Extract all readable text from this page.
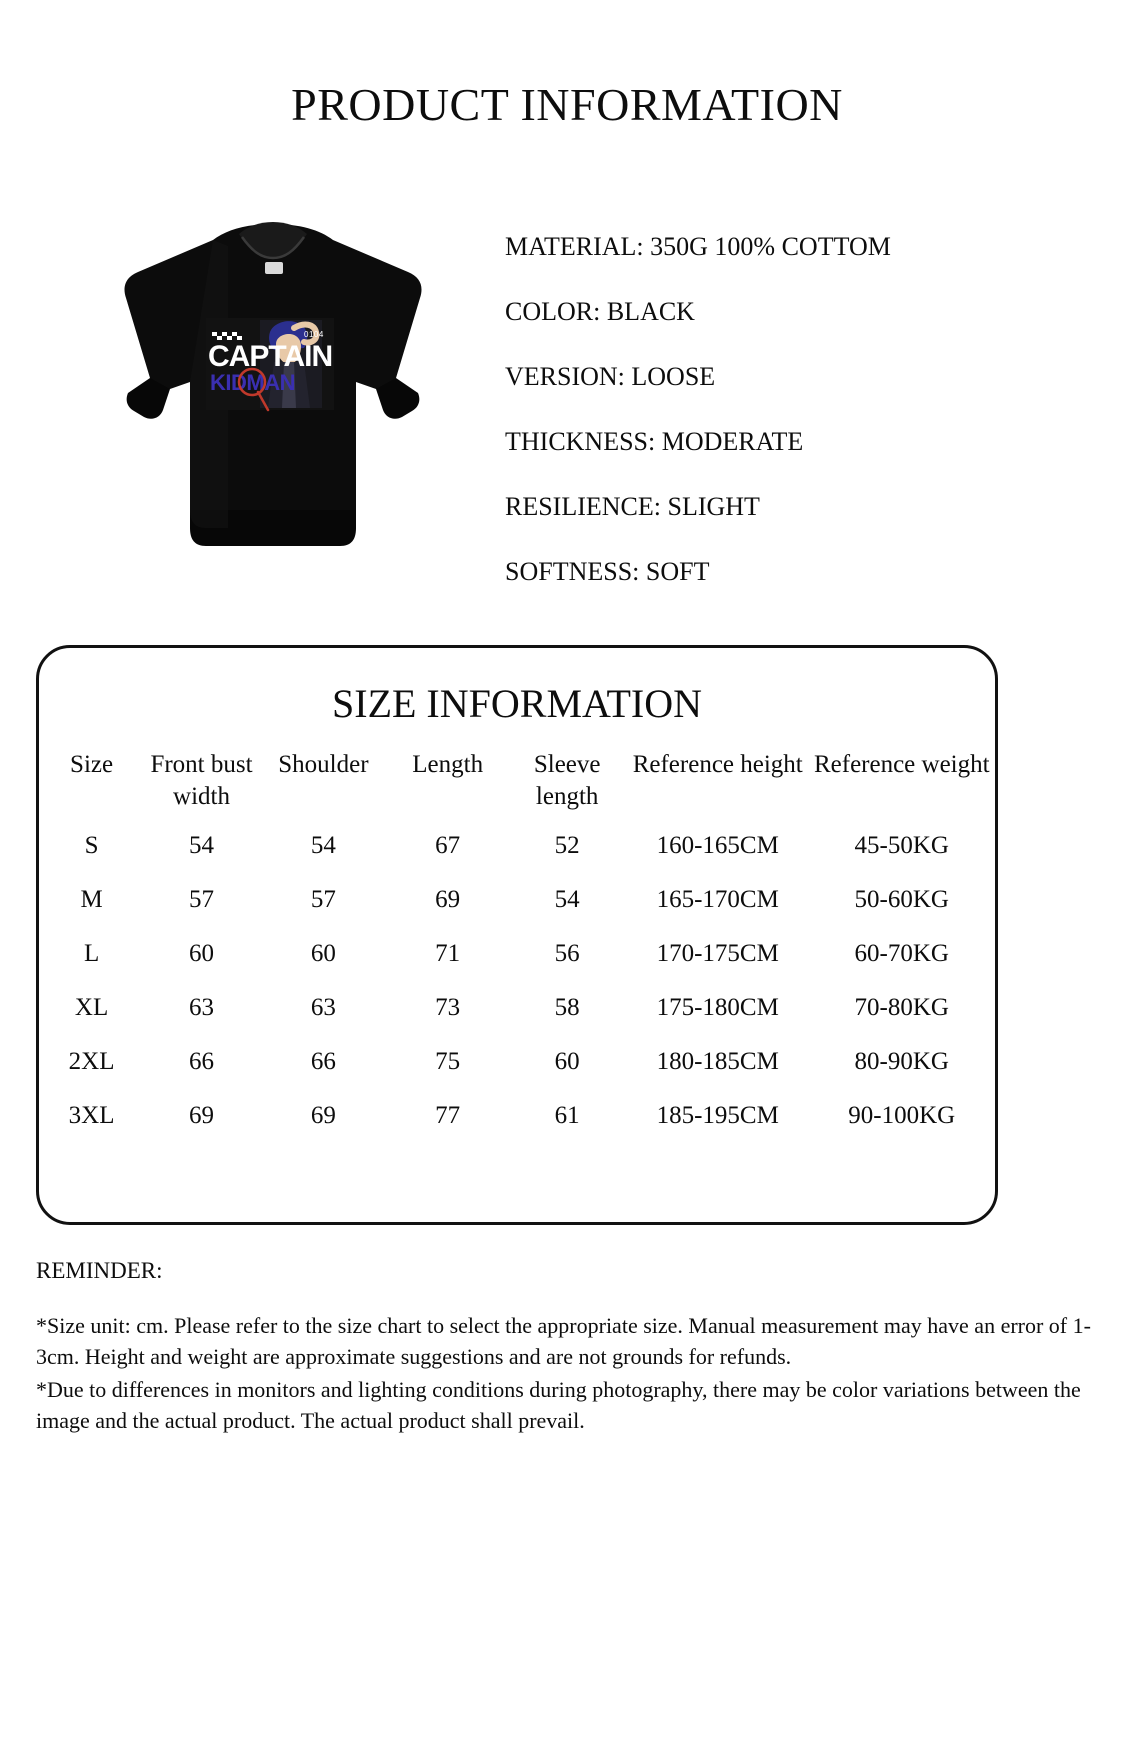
PRODUCT INFORMATION
0104
CAPTAIN
KIDMAN
MATERIAL: 350G 100% COTTOM
COLOR: BLACK
VERSION: LOOSE
THICKNESS: MODERATE
RESILIENCE: SLIGHT
SOFTNESS: SOFT
SIZE INFORMATION
Size	Front bust width	Shoulder	Length	Sleeve length	Reference height	Reference weight
S	54	54	67	52	160-165CM	45-50KG
M	57	57	69	54	165-170CM	50-60KG
L	60	60	71	56	170-175CM	60-70KG
XL	63	63	73	58	175-180CM	70-80KG
2XL	66	66	75	60	180-185CM	80-90KG
3XL	69	69	77	61	185-195CM	90-100KG
REMINDER:

*Size unit: cm. Please refer to the size chart to select the appropriate size. Manual measurement may have an error of 1-3cm. Height and weight are approximate suggestions and are not grounds for refunds.

*Due to differences in monitors and lighting conditions during photography, there may be color variations between the image and the actual product. The actual product shall prevail.
